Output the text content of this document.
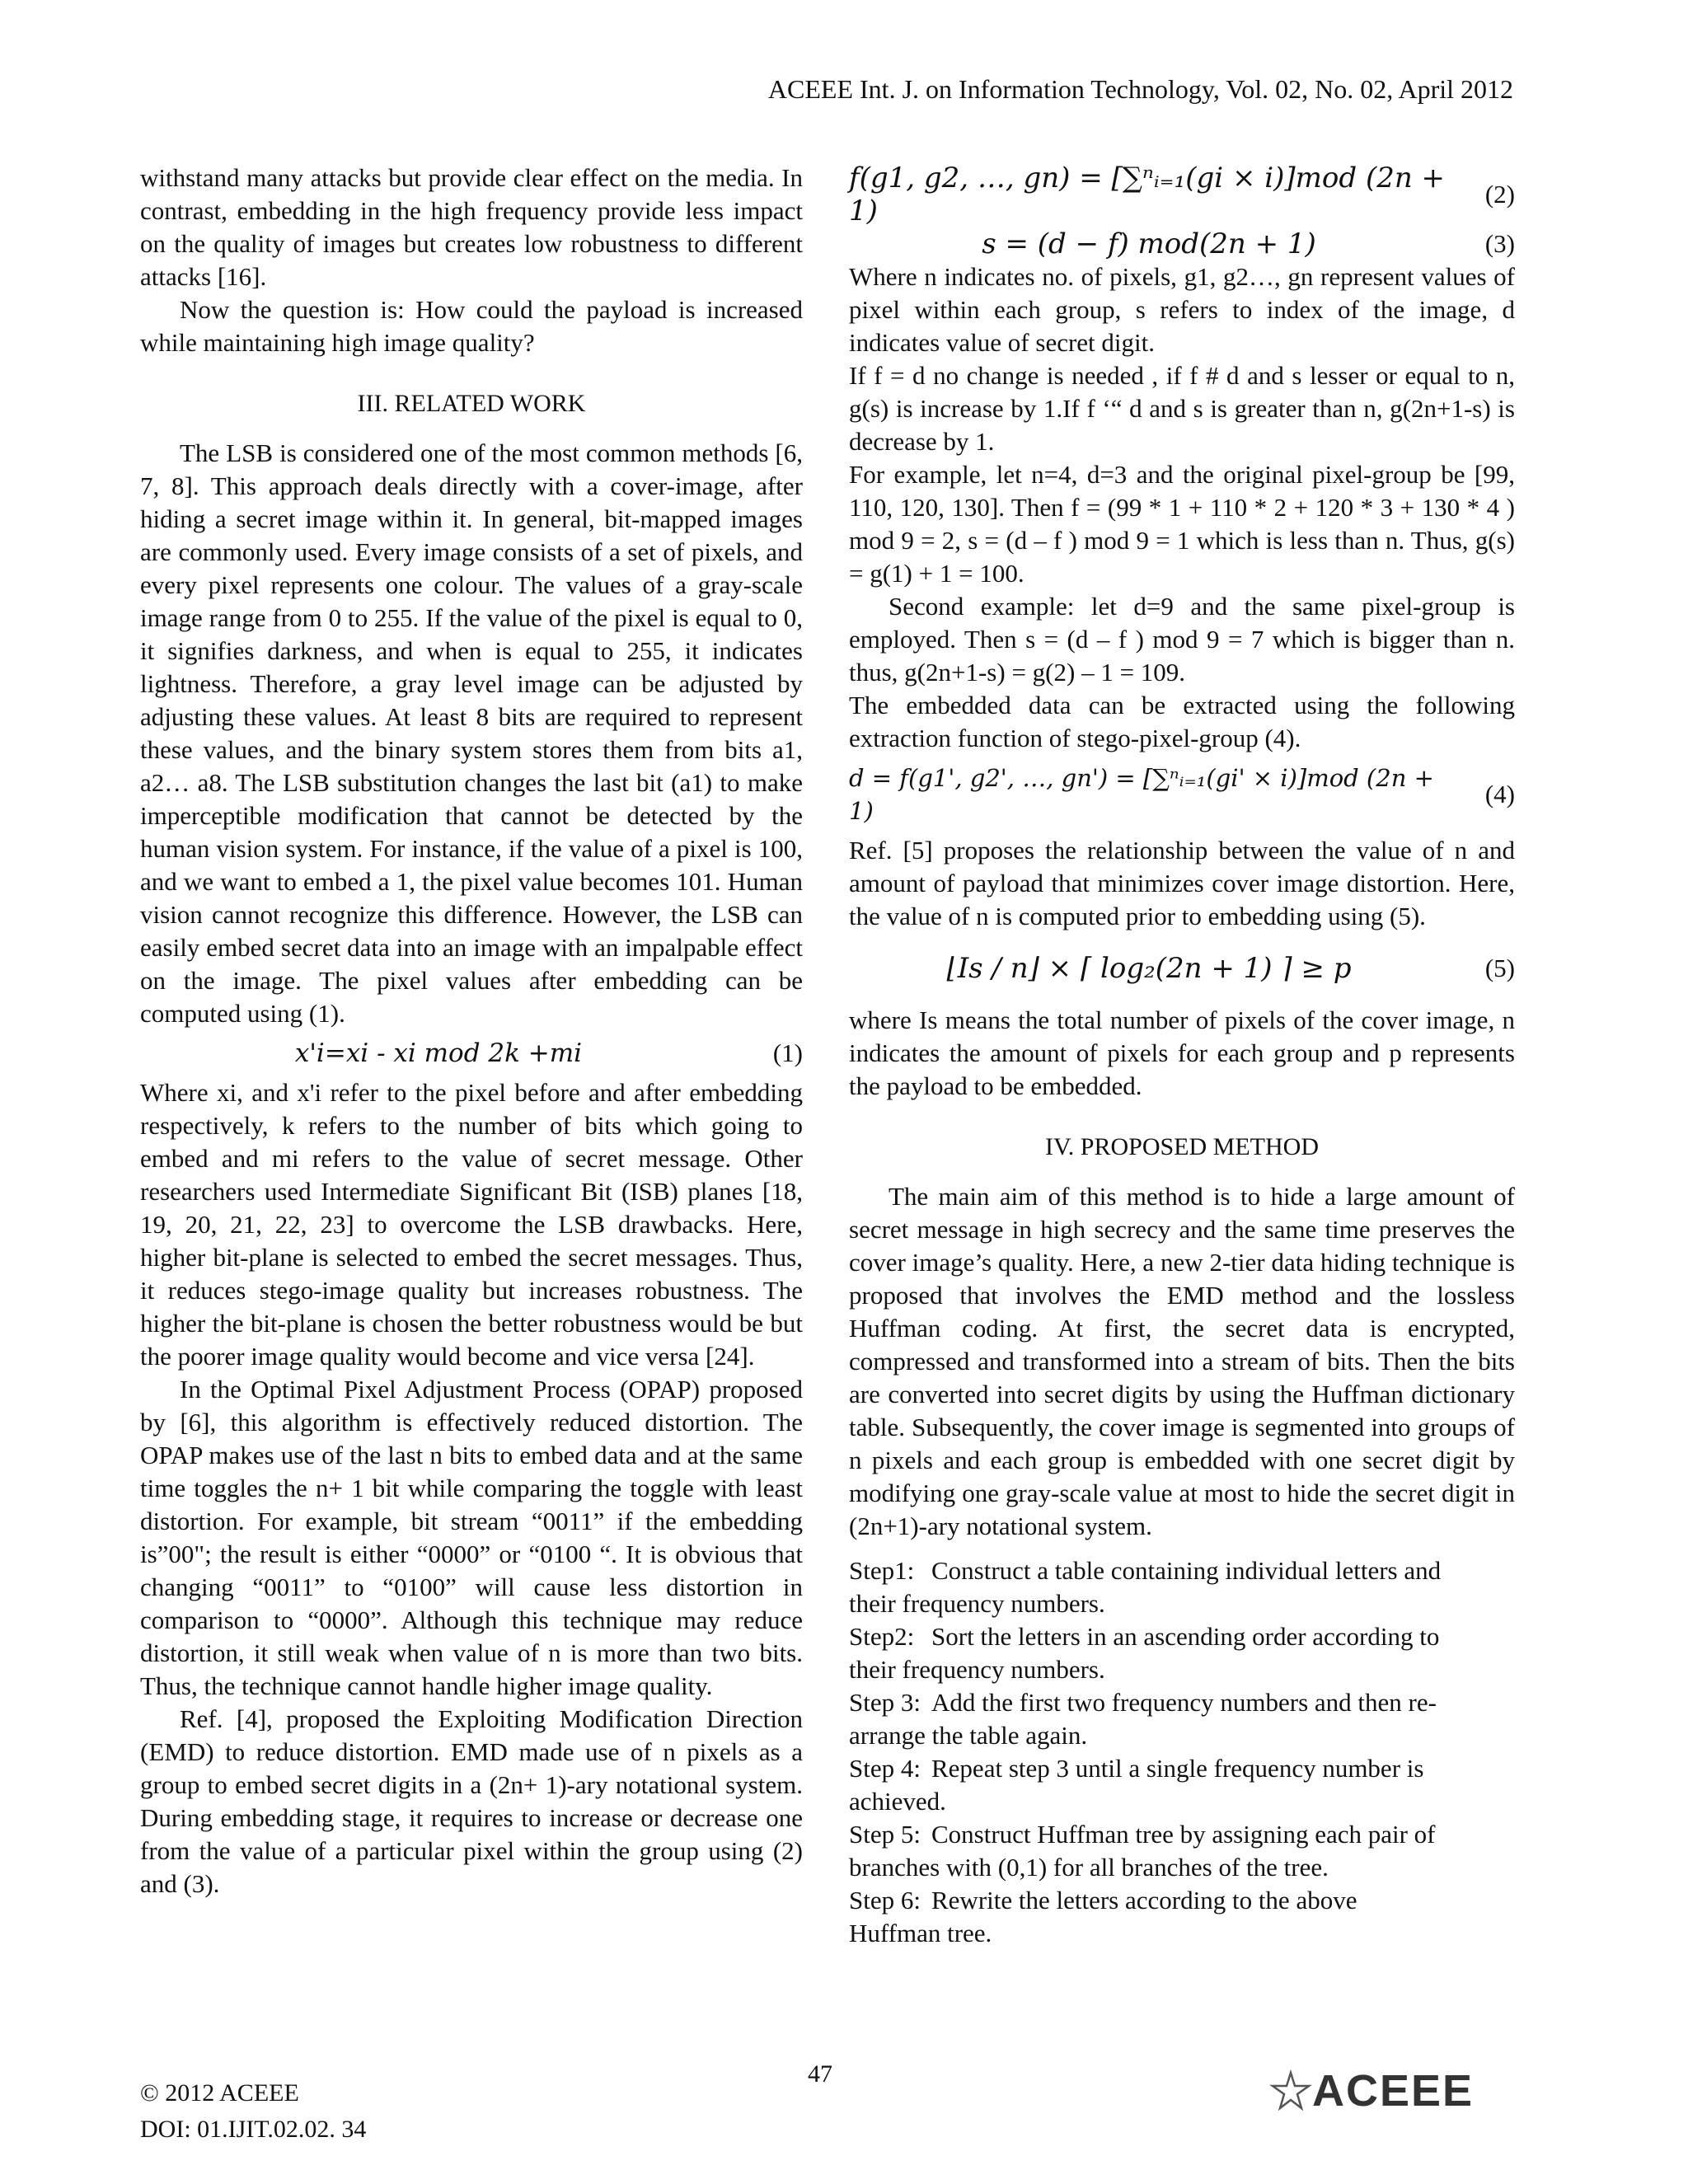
ACEEE Int. J. on Information Technology, Vol. 02, No. 02, April 2012

withstand many attacks but provide clear effect on the media. In contrast, embedding in the high frequency provide less impact on the quality of images but creates low robustness to different attacks [16].

Now the question is: How could the payload is increased while maintaining high image quality?

III. RELATED WORK

The LSB is considered one of the most common methods [6, 7, 8]. This approach deals directly with a cover-image, after hiding a secret image within it. In general, bit-mapped images are commonly used. Every image consists of a set of pixels, and every pixel represents one colour. The values of a gray-scale image range from 0 to 255. If the value of the pixel is equal to 0, it signifies darkness, and when is equal to 255, it indicates lightness. Therefore, a gray level image can be adjusted by adjusting these values. At least 8 bits are required to represent these values, and the binary system stores them from bits a1, a2… a8. The LSB substitution changes the last bit (a1) to make imperceptible modification that cannot be detected by the human vision system. For instance, if the value of a pixel is 100, and we want to embed a 1, the pixel value becomes 101. Human vision cannot recognize this difference. However, the LSB can easily embed secret data into an image with an impalpable effect on the image. The pixel values after embedding can be computed using (1).

x'i=xi - xi mod 2k +mi	(1)

Where xi, and x'i refer to the pixel before and after embedding respectively, k refers to the number of bits which going to embed and mi refers to the value of secret message. Other researchers used Intermediate Significant Bit (ISB) planes [18, 19, 20, 21, 22, 23] to overcome the LSB drawbacks. Here, higher bit-plane is selected to embed the secret messages. Thus, it reduces stego-image quality but increases robustness. The higher the bit-plane is chosen the better robustness would be but the poorer image quality would become and vice versa [24].

In the Optimal Pixel Adjustment Process (OPAP) proposed by [6], this algorithm is effectively reduced distortion. The OPAP makes use of the last n bits to embed data and at the same time toggles the n+ 1 bit while comparing the toggle with least distortion. For example, bit stream “0011” if the embedding is”00"; the result is either “0000” or “0100 “. It is obvious that changing “0011” to “0100” will cause less distortion in comparison to “0000”. Although this technique may reduce distortion, it still weak when value of n is more than two bits. Thus, the technique cannot handle higher image quality.

Ref. [4], proposed the Exploiting Modification Direction (EMD) to reduce distortion. EMD made use of n pixels as a group to embed secret digits in a (2n+ 1)-ary notational system. During embedding stage, it requires to increase or decrease one from the value of a particular pixel within the group using (2) and (3).

f(g1, g2, …, gn) = [∑ⁿᵢ₌₁(gi × i)]mod (2n + 1)
(2)
s = (d − f) mod(2n + 1)	(3)

Where n indicates no. of pixels, g1, g2…, gn represent values of pixel within each group, s refers to index of the image, d indicates value of secret digit.

If f = d no change is needed , if f # d and s lesser or equal to n, g(s) is increase by 1.If f ‘“ d and s is greater than n, g(2n+1-s) is decrease by 1.

For example, let n=4, d=3 and the original pixel-group be [99, 110, 120, 130]. Then f = (99 * 1 + 110 * 2 + 120 * 3 + 130 * 4 ) mod 9 = 2, s = (d – f ) mod 9 = 1 which is less than n. Thus, g(s) = g(1) + 1 = 100.

Second example: let d=9 and the same pixel-group is employed. Then s = (d – f ) mod 9 = 7 which is bigger than n. thus, g(2n+1-s) = g(2) – 1 = 109.

The embedded data can be extracted using the following extraction function of stego-pixel-group (4).

d = f(g1', g2', …, gn') = [∑ⁿᵢ₌₁(gi' × i)]mod (2n + 1)
(4)

Ref. [5] proposes the relationship between the value of n and amount of payload that minimizes cover image distortion. Here, the value of n is computed prior to embedding using (5).

⌊Is / n⌋ × ⌈ log₂(2n + 1) ⌉ ≥ p	(5)

where Is means the total number of pixels of the cover image, n indicates the amount of pixels for each group and p represents the payload to be embedded.

IV. PROPOSED METHOD

The main aim of this method is to hide a large amount of secret message in high secrecy and the same time preserves the cover image’s quality. Here, a new 2-tier data hiding technique is proposed that involves the EMD method and the lossless Huffman coding. At first, the secret data is encrypted, compressed and transformed into a stream of bits. Then the bits are converted into secret digits by using the Huffman dictionary table. Subsequently, the cover image is segmented into groups of n pixels and each group is embedded with one secret digit by modifying one gray-scale value at most to hide the secret digit in (2n+1)-ary notational system.

Step1: Construct a table containing individual letters and
their frequency numbers.
Step2: Sort the letters in an ascending order according to
their frequency numbers.
Step 3: Add the first two frequency numbers and then re-
arrange the table again.
Step 4: Repeat step 3 until a single frequency number is
achieved.
Step 5: Construct Huffman tree by assigning each pair of
branches with (0,1) for all branches of the tree.
Step 6: Rewrite the letters according to the above
Huffman tree.
© 2012 ACEEE
DOI: 01.IJIT.02.02. 34
47	ACEEE
